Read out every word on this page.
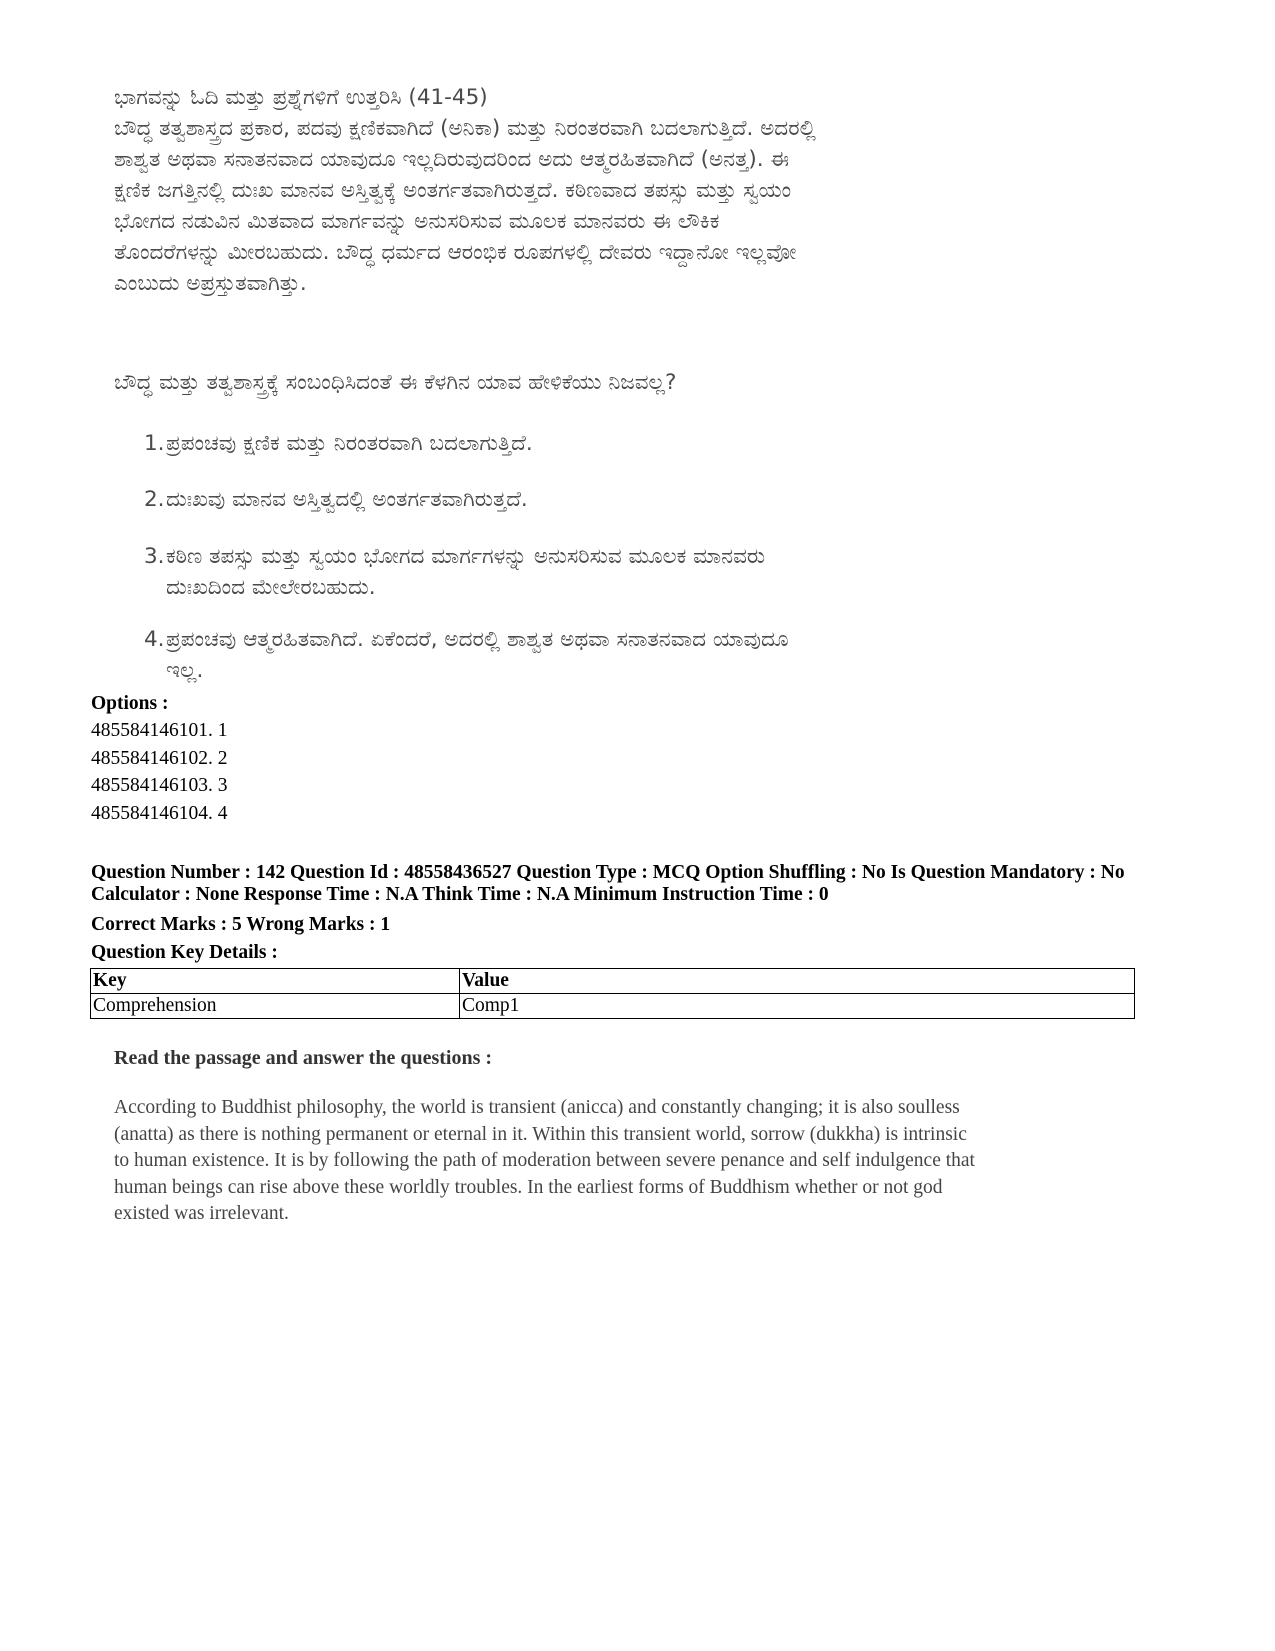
ಭಾಗವನ್ನು ಓದಿ ಮತ್ತು ಪ್ರಶ್ನೆಗಳಿಗೆ ಉತ್ತರಿಸಿ (41-45)
ಬೌದ್ಧ ತತ್ವಶಾಸ್ತ್ರದ ಪ್ರಕಾರ, ಪದವು ಕ್ಷಣಿಕವಾಗಿದೆ (ಅನಿಕಾ) ಮತ್ತು ನಿರಂತರವಾಗಿ ಬದಲಾಗುತ್ತಿದೆ. ಅದರಲ್ಲಿ
ಶಾಶ್ವತ ಅಥವಾ ಸನಾತನವಾದ ಯಾವುದೂ ಇಲ್ಲದಿರುವುದರಿಂದ ಅದು ಆತ್ಮರಹಿತವಾಗಿದೆ (ಅನತ್ತ). ಈ
ಕ್ಷಣಿಕ ಜಗತ್ತಿನಲ್ಲಿ ದುಃಖ ಮಾನವ ಅಸ್ತಿತ್ವಕ್ಕೆ ಅಂತರ್ಗತವಾಗಿರುತ್ತದೆ. ಕಠಿಣವಾದ ತಪಸ್ಸು ಮತ್ತು ಸ್ವಯಂ
ಭೋಗದ ನಡುವಿನ ಮಿತವಾದ ಮಾರ್ಗವನ್ನು ಅನುಸರಿಸುವ ಮೂಲಕ ಮಾನವರು ಈ ಲೌಕಿಕ
ತೊಂದರೆಗಳನ್ನು ಮೀರಬಹುದು. ಬೌದ್ಧ ಧರ್ಮದ ಆರಂಭಿಕ ರೂಪಗಳಲ್ಲಿ ದೇವರು ಇದ್ದಾನೋ ಇಲ್ಲವೋ
ಎಂಬುದು ಅಪ್ರಸ್ತುತವಾಗಿತ್ತು.
ಬೌದ್ಧ ಮತ್ತು ತತ್ವಶಾಸ್ತ್ರಕ್ಕೆ ಸಂಬಂಧಿಸಿದಂತೆ ಈ ಕೆಳಗಿನ ಯಾವ ಹೇಳಿಕೆಯು ನಿಜವಲ್ಲ?
1. ಪ್ರಪಂಚವು ಕ್ಷಣಿಕ ಮತ್ತು ನಿರಂತರವಾಗಿ ಬದಲಾಗುತ್ತಿದೆ.
2. ದುಃಖವು ಮಾನವ ಅಸ್ತಿತ್ವದಲ್ಲಿ ಅಂತರ್ಗತವಾಗಿರುತ್ತದೆ.
3. ಕಠಿಣ ತಪಸ್ಸು ಮತ್ತು ಸ್ವಯಂ ಭೋಗದ ಮಾರ್ಗಗಳನ್ನು ಅನುಸರಿಸುವ ಮೂಲಕ ಮಾನವರು
ದುಃಖದಿಂದ ಮೇಲೇರಬಹುದು.
4. ಪ್ರಪಂಚವು ಆತ್ಮರಹಿತವಾಗಿದೆ. ಏಕೆಂದರೆ, ಅದರಲ್ಲಿ ಶಾಶ್ವತ ಅಥವಾ ಸನಾತನವಾದ ಯಾವುದೂ
ಇಲ್ಲ.
Options :
485584146101. 1
485584146102. 2
485584146103. 3
485584146104. 4
Question Number : 142 Question Id : 48558436527 Question Type : MCQ Option Shuffling : No Is Question Mandatory : No Calculator : None Response Time : N.A Think Time : N.A Minimum Instruction Time : 0
Correct Marks : 5 Wrong Marks : 1
Question Key Details :
Key	Value
Comprehension	Comp1
Read the passage and answer the questions :
According to Buddhist philosophy, the world is transient (anicca) and constantly changing; it is also soulless
(anatta) as there is nothing permanent or eternal in it. Within this transient world, sorrow (dukkha) is intrinsic
to human existence. It is by following the path of moderation between severe penance and self indulgence that
human beings can rise above these worldly troubles. In the earliest forms of Buddhism whether or not god
existed was irrelevant.
